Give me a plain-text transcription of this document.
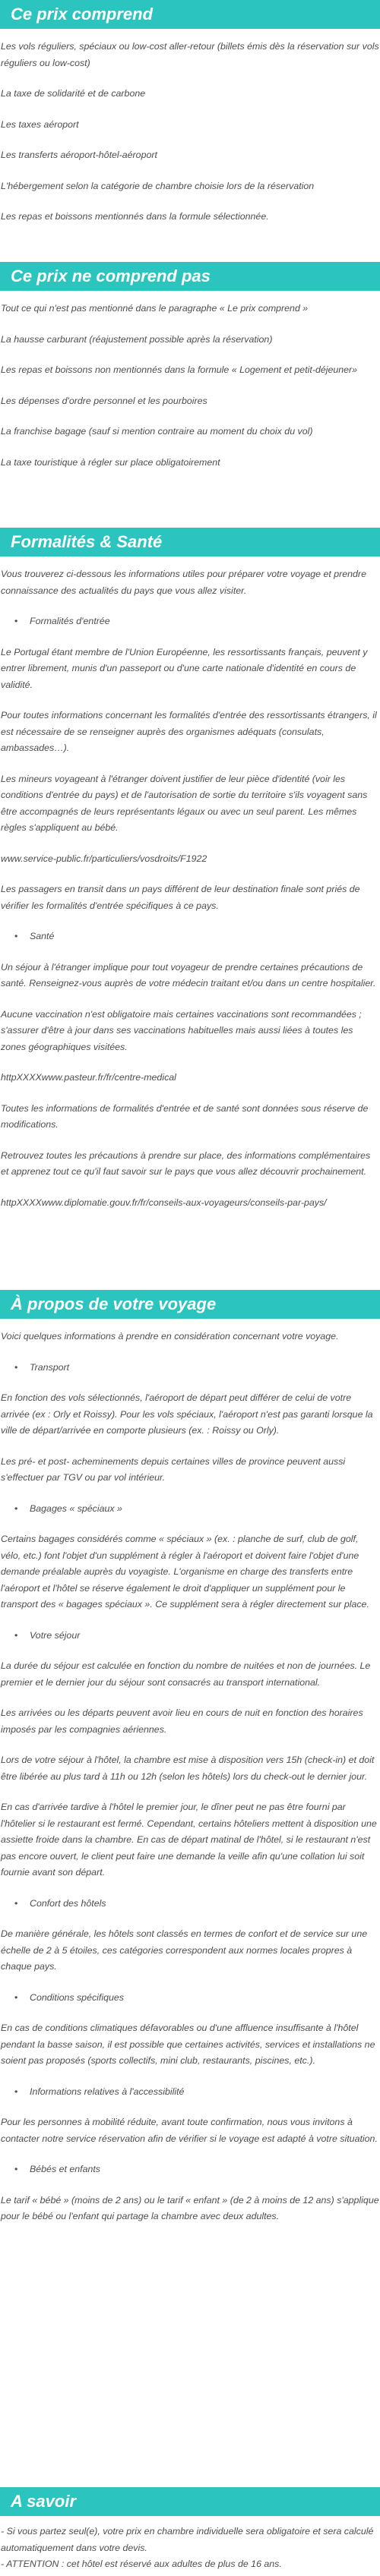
Ce prix comprend

Les vols réguliers, spéciaux ou low-cost aller-retour (billets émis dès la réservation sur vols réguliers ou low-cost)

La taxe de solidarité et de carbone

Les taxes aéroport

Les transferts aéroport-hôtel-aéroport

L'hébergement selon la catégorie de chambre choisie lors de la réservation

Les repas et boissons mentionnés dans la formule sélectionnée.

Ce prix ne comprend pas

Tout ce qui n'est pas mentionné dans le paragraphe « Le prix comprend »

La hausse carburant (réajustement possible après la réservation)

Les repas et boissons non mentionnés dans la formule « Logement et petit-déjeuner»

Les dépenses d'ordre personnel et les pourboires

La franchise bagage (sauf si mention contraire au moment du choix du vol)

La taxe touristique à régler sur place obligatoirement

Formalités & Santé

Vous trouverez ci-dessous les informations utiles pour préparer votre voyage et prendre connaissance des actualités du pays que vous allez visiter.

• Formalités d'entrée

Le Portugal étant membre de l'Union Européenne, les ressortissants français, peuvent y entrer librement, munis d'un passeport ou d'une carte nationale d'identité en cours de validité.

Pour toutes informations concernant les formalités d'entrée des ressortissants étrangers, il est nécessaire de se renseigner auprès des organismes adéquats (consulats, ambassades…).

Les mineurs voyageant à l'étranger doivent justifier de leur pièce d'identité (voir les conditions d'entrée du pays) et de l'autorisation de sortie du territoire s'ils voyagent sans être accompagnés de leurs représentants légaux ou avec un seul parent. Les mêmes règles s'appliquent au bébé.

www.service-public.fr/particuliers/vosdroits/F1922

Les passagers en transit dans un pays différent de leur destination finale sont priés de vérifier les formalités d'entrée spécifiques à ce pays.

• Santé

Un séjour à l'étranger implique pour tout voyageur de prendre certaines précautions de santé. Renseignez-vous auprès de votre médecin traitant et/ou dans un centre hospitalier.

Aucune vaccination n'est obligatoire mais certaines vaccinations sont recommandées ; s'assurer d'être à jour dans ses vaccinations habituelles mais aussi liées à toutes les zones géographiques visitées.

httpXXXXwww.pasteur.fr/fr/centre-medical

Toutes les informations de formalités d'entrée et de santé sont données sous réserve de modifications.

Retrouvez toutes les précautions à prendre sur place, des informations complémentaires et apprenez tout ce qu'il faut savoir sur le pays que vous allez découvrir prochainement.

httpXXXXwww.diplomatie.gouv.fr/fr/conseils-aux-voyageurs/conseils-par-pays/

À propos de votre voyage

Voici quelques informations à prendre en considération concernant votre voyage.

• Transport

En fonction des vols sélectionnés, l'aéroport de départ peut différer de celui de votre arrivée (ex : Orly et Roissy). Pour les vols spéciaux, l'aéroport n'est pas garanti lorsque la ville de départ/arrivée en comporte plusieurs (ex. : Roissy ou Orly).

Les pré- et post- acheminements depuis certaines villes de province peuvent aussi s'effectuer par TGV ou par vol intérieur.

• Bagages « spéciaux »

Certains bagages considérés comme « spéciaux » (ex. : planche de surf, club de golf, vélo, etc.) font l'objet d'un supplément à régler à l'aéroport et doivent faire l'objet d'une demande préalable auprès du voyagiste. L'organisme en charge des transferts entre l'aéroport et l'hôtel se réserve également le droit d'appliquer un supplément pour le transport des « bagages spéciaux ». Ce supplément sera à régler directement sur place.

• Votre séjour

La durée du séjour est calculée en fonction du nombre de nuitées et non de journées. Le premier et le dernier jour du séjour sont consacrés au transport international.

Les arrivées ou les départs peuvent avoir lieu en cours de nuit en fonction des horaires imposés par les compagnies aériennes.

Lors de votre séjour à l'hôtel, la chambre est mise à disposition vers 15h (check-in) et doit être libérée au plus tard à 11h ou 12h (selon les hôtels) lors du check-out le dernier jour.

En cas d'arrivée tardive à l'hôtel le premier jour, le dîner peut ne pas être fourni par l'hôtelier si le restaurant est fermé. Cependant, certains hôteliers mettent à disposition une assiette froide dans la chambre. En cas de départ matinal de l'hôtel, si le restaurant n'est pas encore ouvert, le client peut faire une demande la veille afin qu'une collation lui soit fournie avant son départ.

• Confort des hôtels

De manière générale, les hôtels sont classés en termes de confort et de service sur une échelle de 2 à 5 étoiles, ces catégories correspondent aux normes locales propres à chaque pays.

• Conditions spécifiques

En cas de conditions climatiques défavorables ou d'une affluence insuffisante à l'hôtel pendant la basse saison, il est possible que certaines activités, services et installations ne soient pas proposés (sports collectifs, mini club, restaurants, piscines, etc.).

• Informations relatives à l'accessibilité

Pour les personnes à mobilité réduite, avant toute confirmation, nous vous invitons à contacter notre service réservation afin de vérifier si le voyage est adapté à votre situation.

• Bébés et enfants

Le tarif « bébé » (moins de 2 ans) ou le tarif « enfant » (de 2 à moins de 12 ans) s'applique pour le bébé ou l'enfant qui partage la chambre avec deux adultes.

A savoir

- Si vous partez seul(e), votre prix en chambre individuelle sera obligatoire et sera calculé automatiquement dans votre devis.

- ATTENTION : cet hôtel est réservé aux adultes de plus de 16 ans.
